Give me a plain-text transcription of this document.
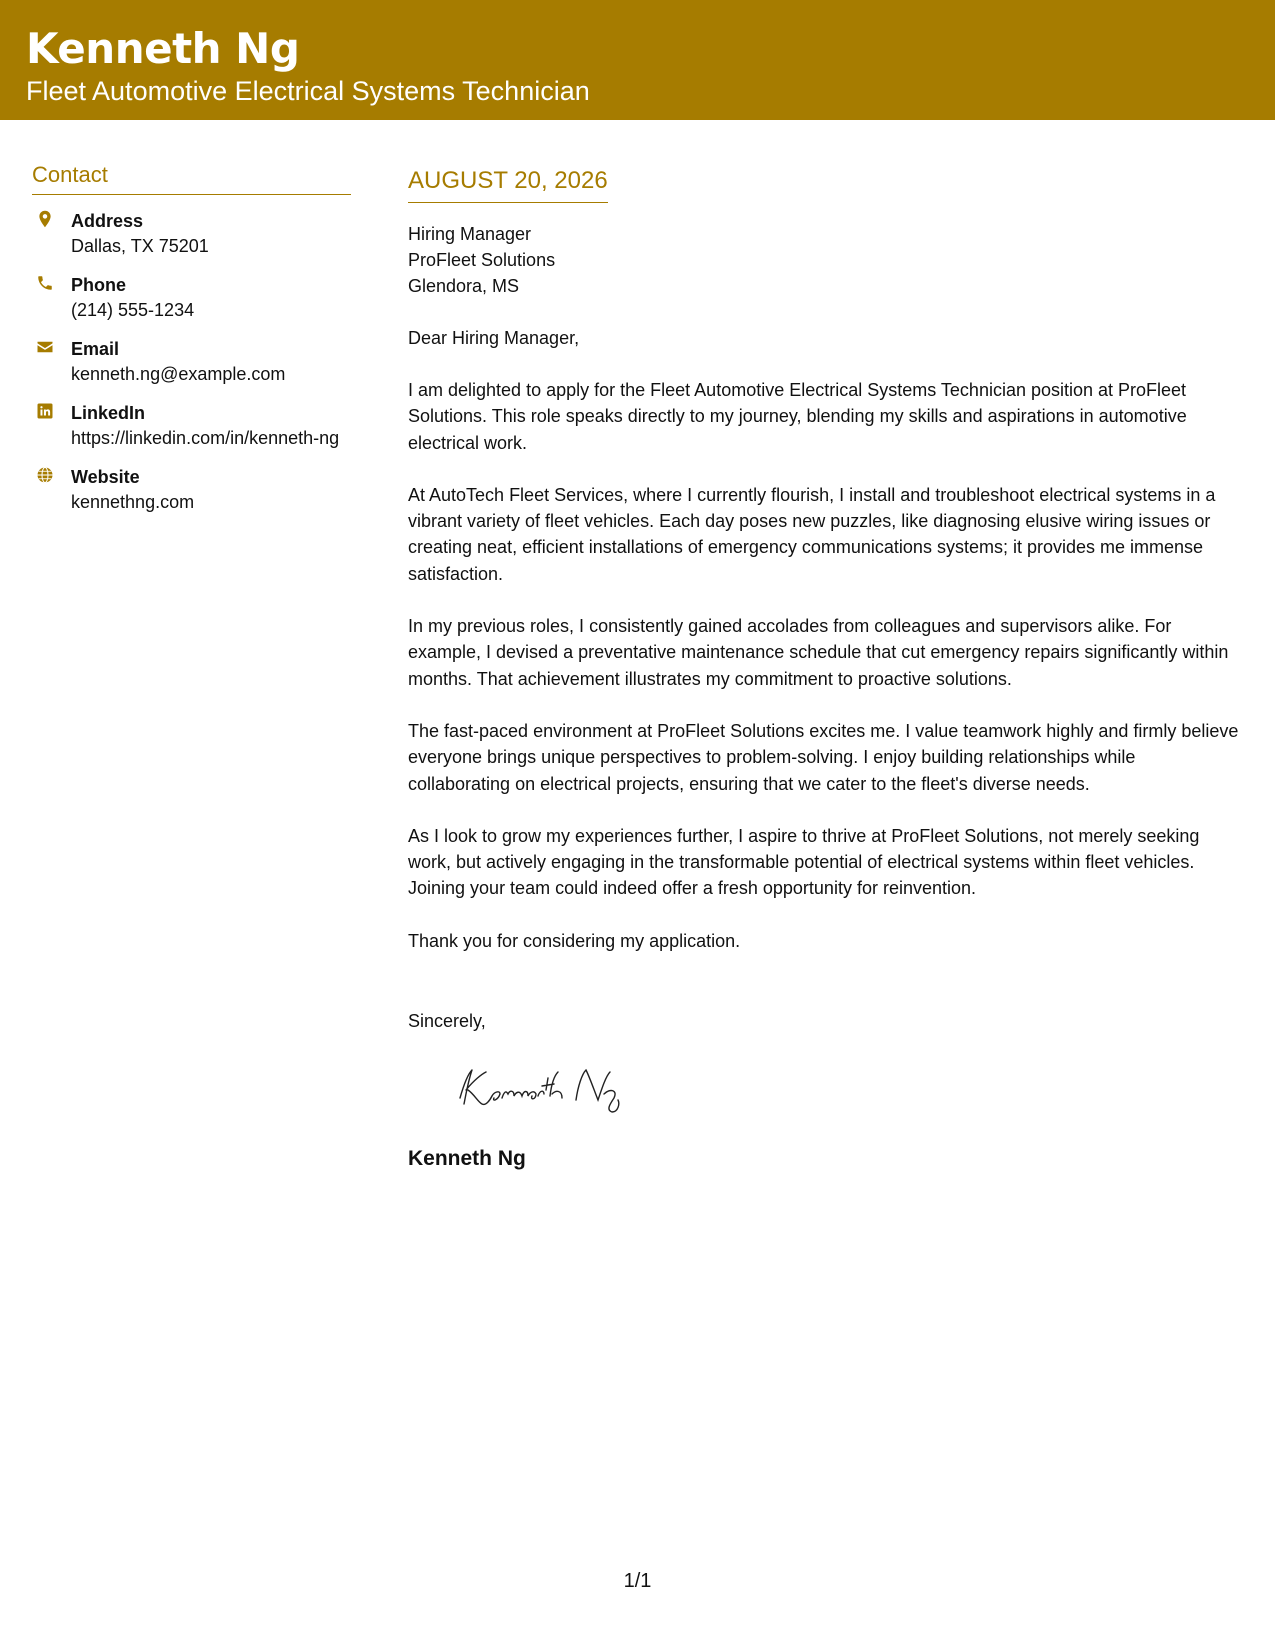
Kenneth Ng
Fleet Automotive Electrical Systems Technician
Contact
Address
Dallas, TX 75201
Phone
(214) 555-1234
Email
kenneth.ng@example.com
LinkedIn
https://linkedin.com/in/kenneth-ng
Website
kennethng.com
AUGUST 20, 2026
Hiring Manager
ProFleet Solutions
Glendora, MS
Dear Hiring Manager,

I am delighted to apply for the Fleet Automotive Electrical Systems Technician position at ProFleet Solutions. This role speaks directly to my journey, blending my skills and aspirations in automotive electrical work.

At AutoTech Fleet Services, where I currently flourish, I install and troubleshoot electrical systems in a vibrant variety of fleet vehicles. Each day poses new puzzles, like diagnosing elusive wiring issues or creating neat, efficient installations of emergency communications systems; it provides me immense satisfaction.

In my previous roles, I consistently gained accolades from colleagues and supervisors alike. For example, I devised a preventative maintenance schedule that cut emergency repairs significantly within months. That achievement illustrates my commitment to proactive solutions.

The fast-paced environment at ProFleet Solutions excites me. I value teamwork highly and firmly believe everyone brings unique perspectives to problem-solving. I enjoy building relationships while collaborating on electrical projects, ensuring that we cater to the fleet's diverse needs.

As I look to grow my experiences further, I aspire to thrive at ProFleet Solutions, not merely seeking work, but actively engaging in the transformable potential of electrical systems within fleet vehicles. Joining your team could indeed offer a fresh opportunity for reinvention.

Thank you for considering my application.

Sincerely,
Kenneth Ng
1/1
